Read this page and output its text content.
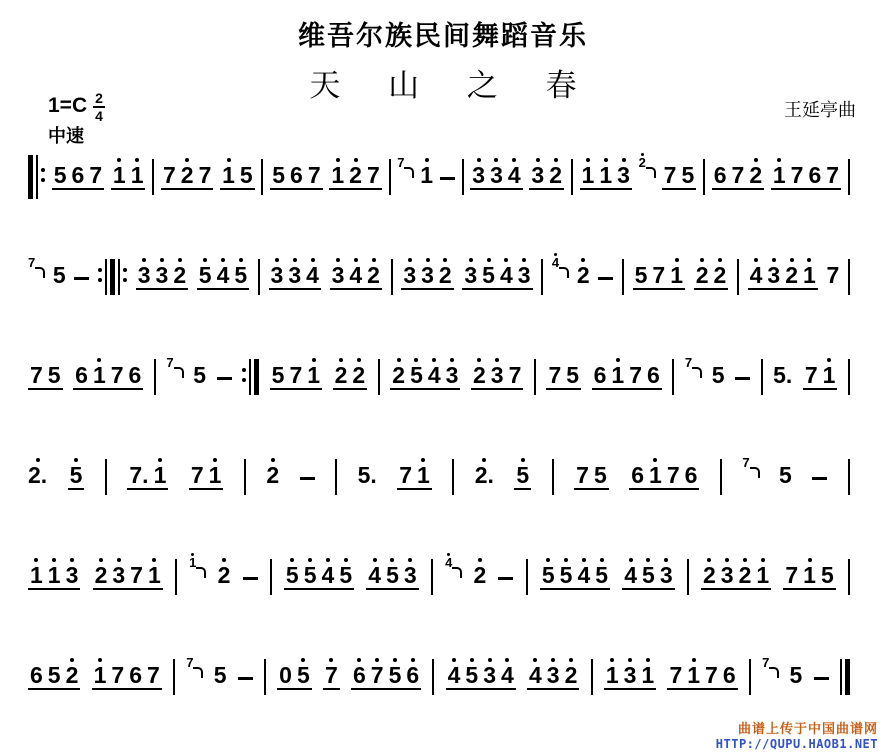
维吾尔族民间舞蹈音乐
天 山 之 春
$1=C \frac{2}{4}$	王延亭曲
中速
5 6 7 1 1 7 2 7 1 5 5 6 7 1 2 7 7 1 3 3 4 3 2 1 1 3 2 7 5 6 7 2 1 7 6 7
7 5	3 3 2 5 4 5 3 3 4 3 4 2 3 3 2 3 5 4 3 4 2 5 7 1 2 2 4 3 2 1 7
7 5 6 1 7 6 7 5	5 7 1 2 2 2 5 4 3 2 3 7 7 5 6 1 7 6 7 5 5. 7 1
2. 5 7. 1 7 1 2	5. 7 1 2. 5 7 5 6 1 7 6	7 5
1 1 3 2 3 7 1 1 2 5 5 4 5 4 5 3 4 2 5 5 4 5 4 5 3 2 3 2 1 7 1 5
6 5 2 1 7 6 7 7 5 0 5 7 6 7 5 6 4 5 3 4 4 3 2 1 3 1 7 1 7 6 7 5
曲谱上传于中国曲谱网
HTTP://QUPU.HAOB1.NET
